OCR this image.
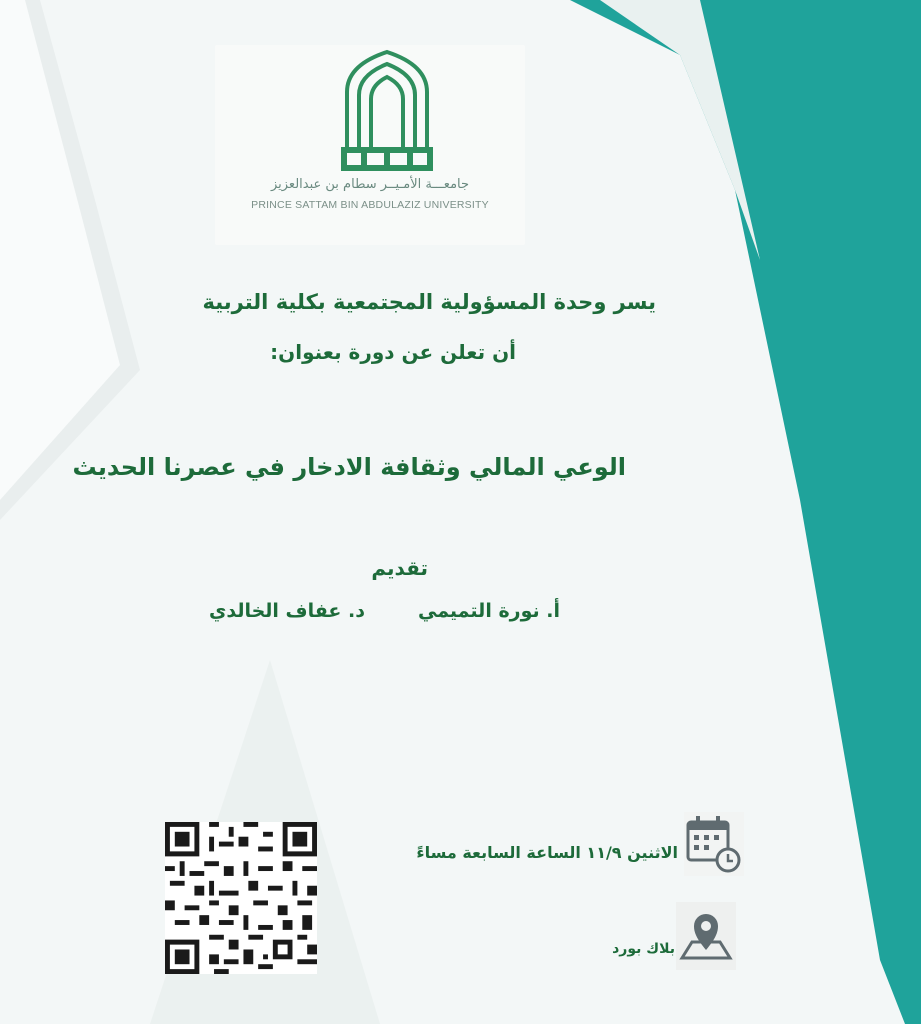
جامعـــة الأمـيــر سطام بن عبدالعزيز
PRINCE SATTAM BIN ABDULAZIZ UNIVERSITY
يسر وحدة المسؤولية المجتمعية بكلية التربية
أن تعلن عن دورة بعنوان:
الوعي المالي وثقافة الادخار في عصرنا الحديث
تقديم
أ. نورة التميمي
د. عفاف الخالدي
الاثنين ١١/٩ الساعة السابعة مساءً
بلاك بورد
